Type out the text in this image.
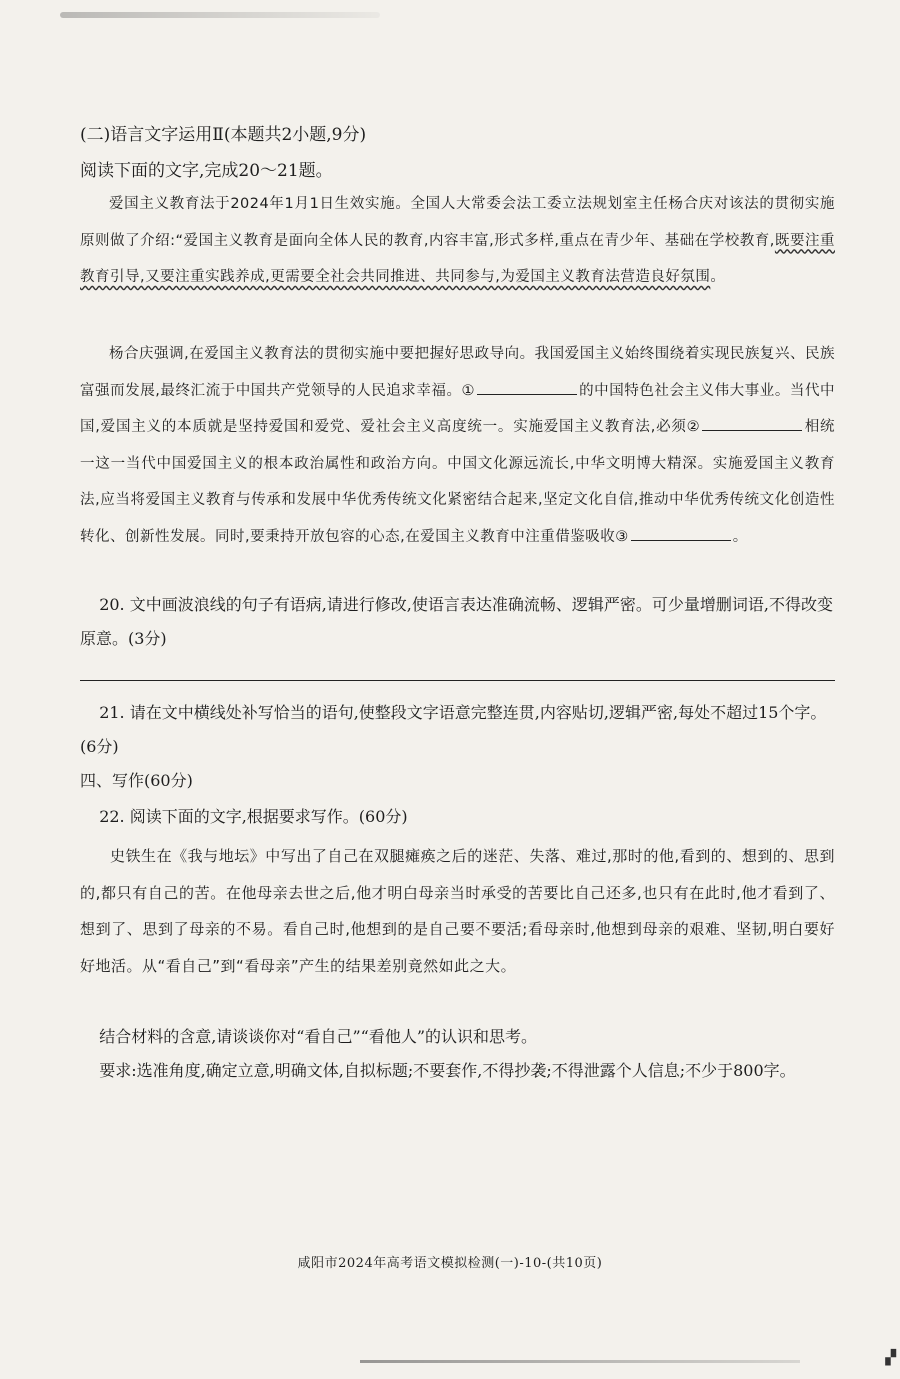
(二)语言文字运用Ⅱ(本题共2小题,9分)
阅读下面的文字,完成20～21题。
爱国主义教育法于2024年1月1日生效实施。全国人大常委会法工委立法规划室主任杨合庆对该法的贯彻实施原则做了介绍:“爱国主义教育是面向全体人民的教育,内容丰富,形式多样,重点在青少年、基础在学校教育,既要注重教育引导,又要注重实践养成,更需要全社会共同推进、共同参与,为爱国主义教育法营造良好氛围。
杨合庆强调,在爱国主义教育法的贯彻实施中要把握好思政导向。我国爱国主义始终围绕着实现民族复兴、民族富强而发展,最终汇流于中国共产党领导的人民追求幸福。①	的中国特色社会主义伟大事业。当代中国,爱国主义的本质就是坚持爱国和爱党、爱社会主义高度统一。实施爱国主义教育法,必须②	相统一这一当代中国爱国主义的根本政治属性和政治方向。中国文化源远流长,中华文明博大精深。实施爱国主义教育法,应当将爱国主义教育与传承和发展中华优秀传统文化紧密结合起来,坚定文化自信,推动中华优秀传统文化创造性转化、创新性发展。同时,要秉持开放包容的心态,在爱国主义教育中注重借鉴吸收③	。
20. 文中画波浪线的句子有语病,请进行修改,使语言表达准确流畅、逻辑严密。可少量增删词语,不得改变原意。(3分)
21. 请在文中横线处补写恰当的语句,使整段文字语意完整连贯,内容贴切,逻辑严密,每处不超过15个字。(6分)
四、写作(60分)
22. 阅读下面的文字,根据要求写作。(60分)
史铁生在《我与地坛》中写出了自己在双腿瘫痪之后的迷茫、失落、难过,那时的他,看到的、想到的、思到的,都只有自己的苦。在他母亲去世之后,他才明白母亲当时承受的苦要比自己还多,也只有在此时,他才看到了、想到了、思到了母亲的不易。看自己时,他想到的是自己要不要活;看母亲时,他想到母亲的艰难、坚韧,明白要好好地活。从“看自己”到“看母亲”产生的结果差别竟然如此之大。
结合材料的含意,请谈谈你对“看自己”“看他人”的认识和思考。
要求:选准角度,确定立意,明确文体,自拟标题;不要套作,不得抄袭;不得泄露个人信息;不少于800字。
咸阳市2024年高考语文模拟检测(一)-10-(共10页)
▞
